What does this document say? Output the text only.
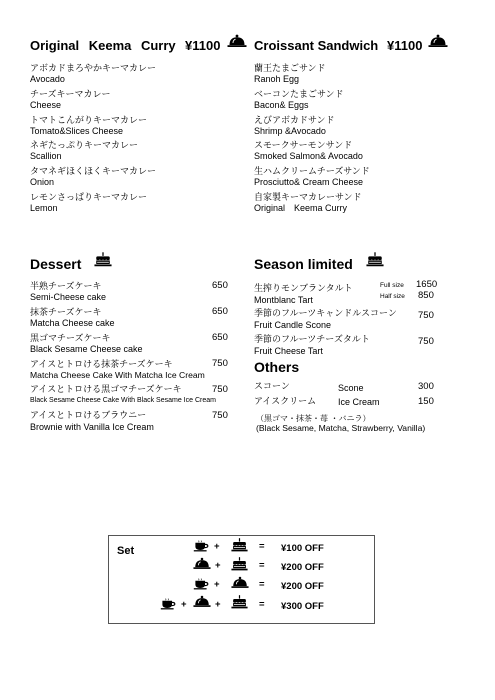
Original Keema Curry ¥1100	Croissant Sandwich ¥1100
アボカドまろやかキーマカレー
Avocado
チーズキーマカレー
Cheese
トマトこんがりキーマカレー
Tomato&Slices Cheese
ネギたっぷりキーマカレー
Scallion
タマネギほくほくキーマカレー
Onion
レモンさっぱりキーマカレー
Lemon
蘭王たまごサンド
Ranoh Egg
ベーコンたまごサンド
Bacon& Eggs
えびアボカドサンド
Shrimp &Avocado
スモークサーモンサンド
Smoked Salmon& Avocado
生ハムクリームチーズサンド
Prosciutto& Cream Cheese
自家製キーマカレーサンド
Original　Keema Curry
Dessert
半熟チーズケーキ
Semi-Cheese cake
650
抹茶チーズケーキ
Matcha Cheese cake
650
黒ゴマチーズケーキ
Black Sesame Cheese cake
650
アイスとトロける抹茶チーズケーキ
Matcha Cheese Cake With Matcha Ice Cream
750
アイスとトロける黒ゴマチーズケーキ
Black Sesame Cheese Cake With Black Sesame Ice Cream
750
アイスとトロけるブラウニー
Brownie with Vanilla Ice Cream
750
Season limited
生搾りモンブランタルト
Montblanc Tart
Full size 1650
Half size 850
季節のフルーツキャンドルスコーン
Fruit Candle Scone
750
季節のフルーツチーズタルト
Fruit Cheese Tart
750
Others
スコーン	Scone	300
アイスクリーム Ice Cream	150
（黒ゴマ・抹茶・苺 ・バニラ）
(Black Sesame, Matcha, Strawberry, Vanilla)
Set	+	= ¥100 OFF
+	= ¥200 OFF
+	= ¥200 OFF
+	+	= ¥300 OFF
